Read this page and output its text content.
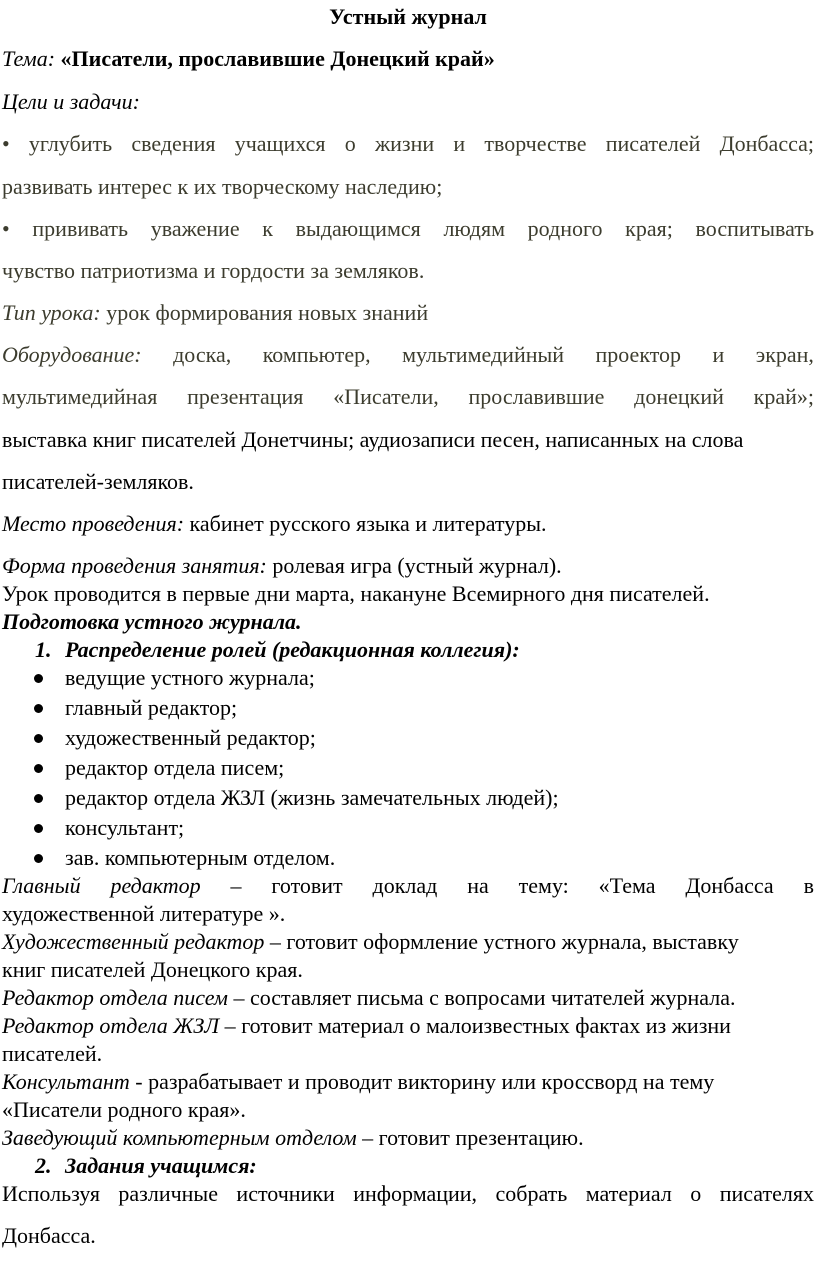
Устный журнал
Тема: «Писатели, прославившие Донецкий край»
Цели и задачи:
• углубить сведения учащихся о жизни и творчестве писателей Донбасса;
развивать интерес к их творческому наследию;
• прививать уважение к выдающимся людям родного края; воспитывать
чувство патриотизма и гордости за земляков.
Тип урока: урок формирования новых знаний
Оборудование: доска, компьютер, мультимедийный проектор и экран,
мультимедийная презентация «Писатели, прославившие донецкий край»;
выставка книг писателей Донетчины; аудиозаписи песен, написанных на слова
писателей-земляков.
Место проведения: кабинет русского языка и литературы.
Форма проведения занятия: ролевая игра (устный журнал).
Урок проводится в первые дни марта, накануне Всемирного дня писателей.
Подготовка устного журнала.
1. Распределение ролей (редакционная коллегия):
ведущие устного журнала;
главный редактор;
художественный редактор;
редактор отдела писем;
редактор отдела ЖЗЛ (жизнь замечательных людей);
консультант;
зав. компьютерным отделом.
Главный редактор – готовит доклад на тему: «Тема Донбасса в
художественной литературе ».
Художественный редактор – готовит оформление устного журнала, выставку
книг писателей Донецкого края.
Редактор отдела писем – составляет письма с вопросами читателей журнала.
Редактор отдела ЖЗЛ – готовит материал о малоизвестных фактах из жизни
писателей.
Консультант - разрабатывает и проводит викторину или кроссворд на тему
«Писатели родного края».
Заведующий компьютерным отделом – готовит презентацию.
2. Задания учащимся:
Используя различные источники информации, собрать материал о писателях
Донбасса.
